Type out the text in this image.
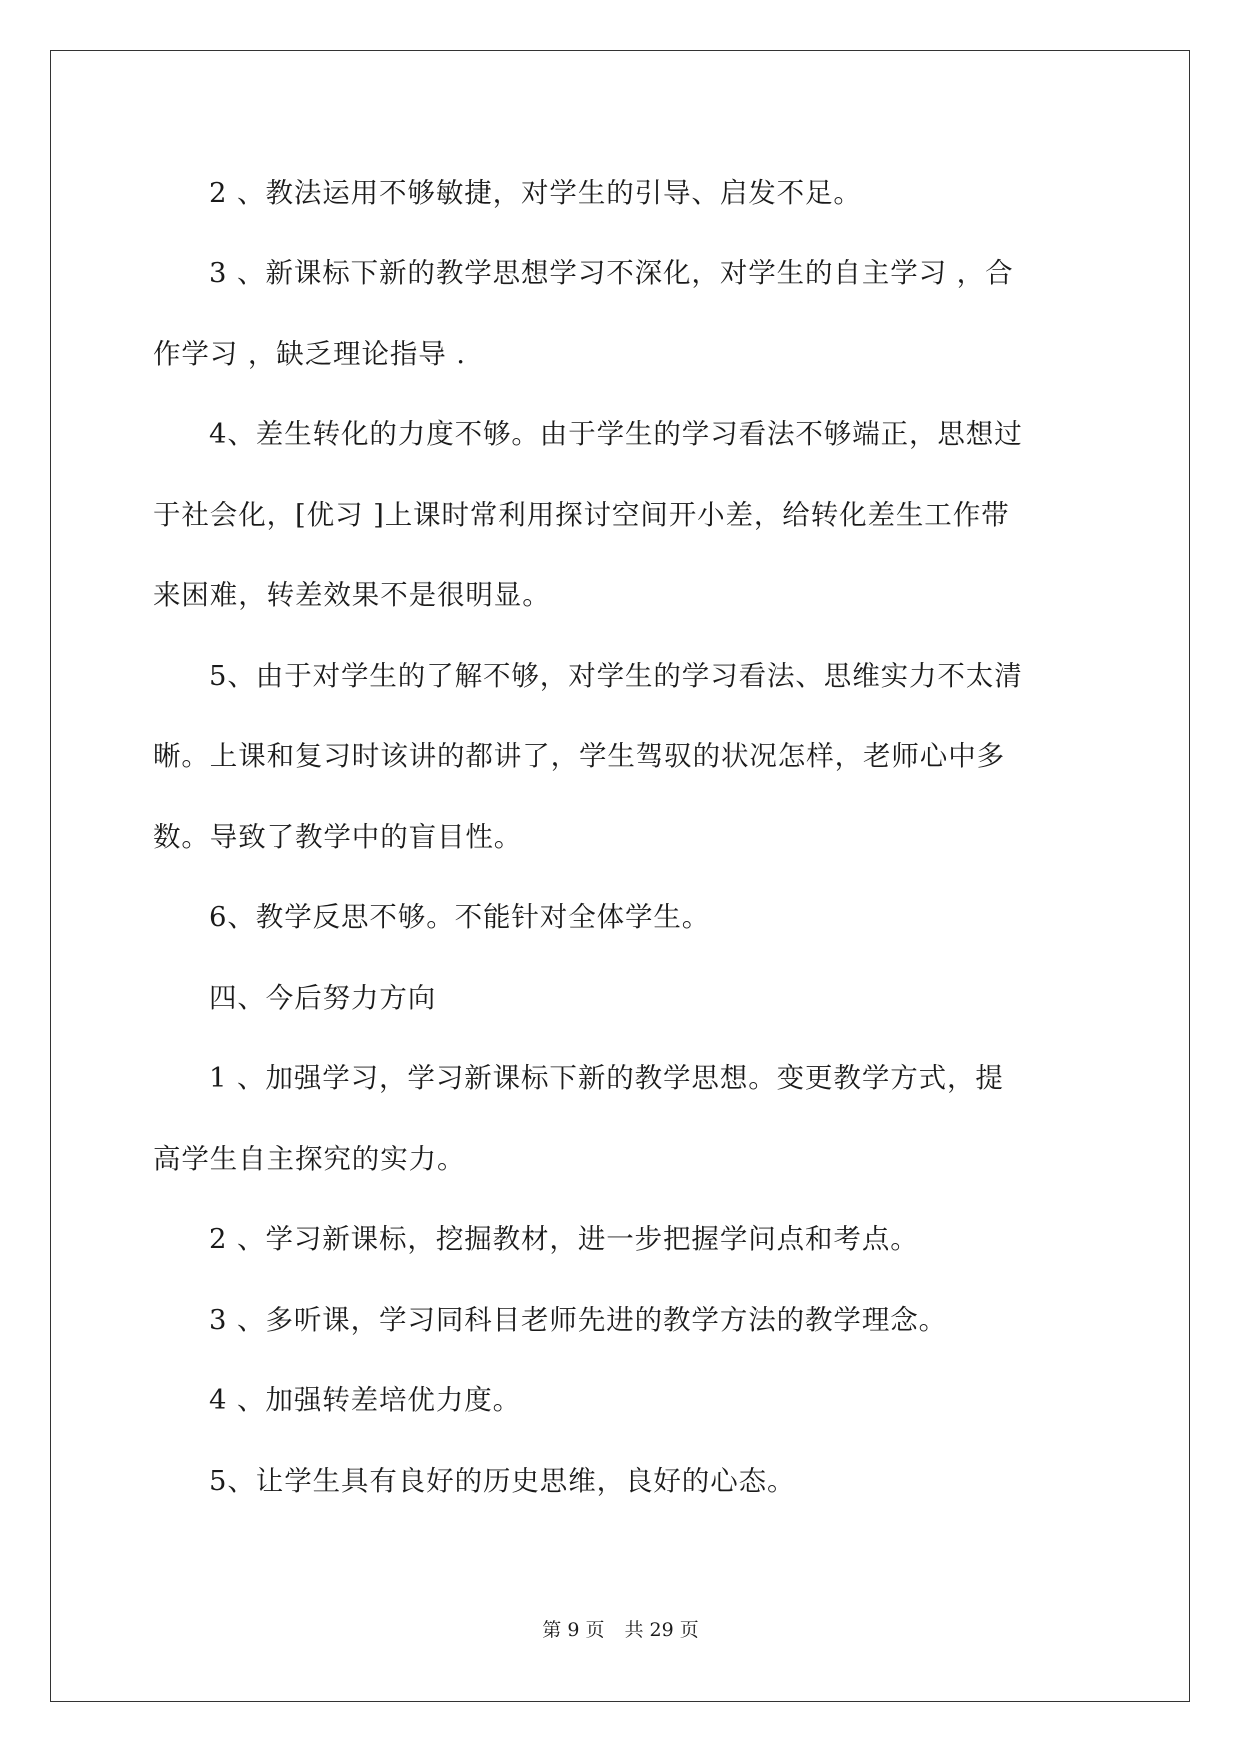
2 、教法运用不够敏捷，对学生的引导、启发不足。
3 、新课标下新的教学思想学习不深化，对学生的自主学习 ，合
作学习 ，缺乏理论指导 .
4、差生转化的力度不够。由于学生的学习看法不够端正，思想过
于社会化，[优习 ]上课时常利用探讨空间开小差，给转化差生工作带
来困难，转差效果不是很明显。
5、由于对学生的了解不够，对学生的学习看法、思维实力不太清
晰。上课和复习时该讲的都讲了，学生驾驭的状况怎样，老师心中多
数。导致了教学中的盲目性。
6、教学反思不够。不能针对全体学生。
四、今后努力方向
1 、加强学习，学习新课标下新的教学思想。变更教学方式，提
高学生自主探究的实力。
2 、学习新课标，挖掘教材，进一步把握学问点和考点。
3 、多听课，学习同科目老师先进的教学方法的教学理念。
4 、加强转差培优力度。
5、让学生具有良好的历史思维，良好的心态。
第 9 页 共 29 页
